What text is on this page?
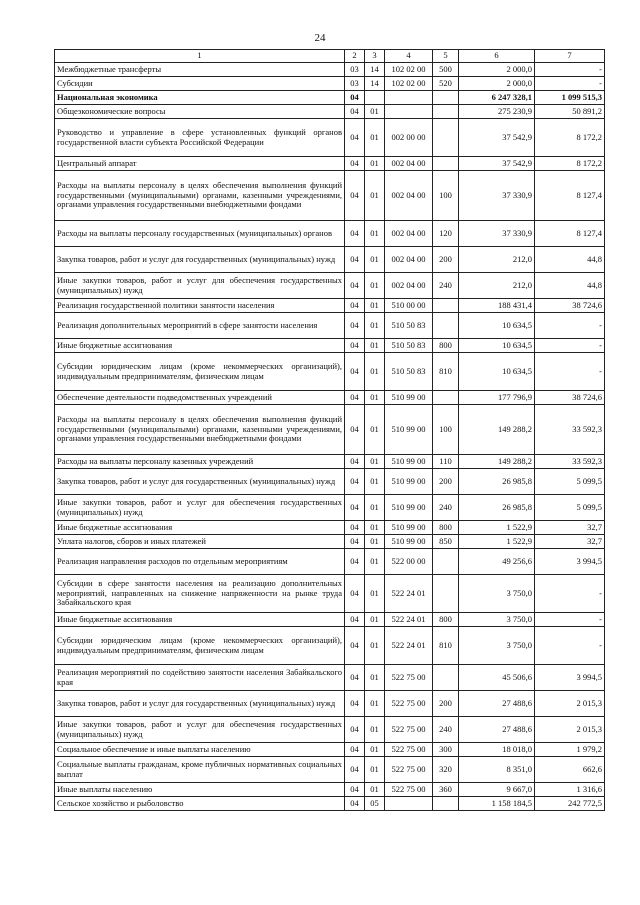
24
1	2	3	4	5	6	7
Межбюджетные трансферты	03	14	102 02 00	500	2 000,0	-
Субсидии	03	14	102 02 00	520	2 000,0	-
Национальная экономика	04				6 247 328,1	1 099 515,3
Общеэкономические вопросы	04	01			275 230,9	50 891,2
Руководство и управление в сфере установленных функций органов государственной власти субъекта Российской Федерации	04	01	002 00 00		37 542,9	8 172,2
Центральный аппарат	04	01	002 04 00		37 542,9	8 172,2
Расходы на выплаты персоналу в целях обеспечения выполнения функций государственными (муниципальными) органами, казенными учреждениями, органами управления государственными внебюджетными фондами	04	01	002 04 00	100	37 330,9	8 127,4
Расходы на выплаты персоналу государственных (муниципальных) органов	04	01	002 04 00	120	37 330,9	8 127,4
Закупка товаров, работ и услуг для государственных (муниципальных) нужд	04	01	002 04 00	200	212,0	44,8
Иные закупки товаров, работ и услуг для обеспечения государственных (муниципальных) нужд	04	01	002 04 00	240	212,0	44,8
Реализация государственной политики занятости населения	04	01	510 00 00		188 431,4	38 724,6
Реализация дополнительных мероприятий в сфере занятости населения	04	01	510 50 83		10 634,5	-
Иные бюджетные ассигнования	04	01	510 50 83	800	10 634,5	-
Субсидии юридическим лицам (кроме некоммерческих организаций), индивидуальным предпринимателям, физическим лицам	04	01	510 50 83	810	10 634,5	-
Обеспечение деятельности подведомственных учреждений	04	01	510 99 00		177 796,9	38 724,6
Расходы на выплаты персоналу в целях обеспечения выполнения функций государственными (муниципальными) органами, казенными учреждениями, органами управления государственными внебюджетными фондами	04	01	510 99 00	100	149 288,2	33 592,3
Расходы на выплаты персоналу казенных учреждений	04	01	510 99 00	110	149 288,2	33 592,3
Закупка товаров, работ и услуг для государственных (муниципальных) нужд	04	01	510 99 00	200	26 985,8	5 099,5
Иные закупки товаров, работ и услуг для обеспечения государственных (муниципальных) нужд	04	01	510 99 00	240	26 985,8	5 099,5
Иные бюджетные ассигнования	04	01	510 99 00	800	1 522,9	32,7
Уплата налогов, сборов и иных платежей	04	01	510 99 00	850	1 522,9	32,7
Реализация направления расходов по отдельным мероприятиям	04	01	522 00 00		49 256,6	3 994,5
Субсидии в сфере занятости населения на реализацию дополнительных мероприятий, направленных на снижение напряженности на рынке труда Забайкальского края	04	01	522 24 01		3 750,0	-
Иные бюджетные ассигнования	04	01	522 24 01	800	3 750,0	-
Субсидии юридическим лицам (кроме некоммерческих организаций), индивидуальным предпринимателям, физическим лицам	04	01	522 24 01	810	3 750,0	-
Реализация мероприятий по содействию занятости населения Забайкальского края	04	01	522 75 00		45 506,6	3 994,5
Закупка товаров, работ и услуг для государственных (муниципальных) нужд	04	01	522 75 00	200	27 488,6	2 015,3
Иные закупки товаров, работ и услуг для обеспечения государственных (муниципальных) нужд	04	01	522 75 00	240	27 488,6	2 015,3
Социальное обеспечение и иные выплаты населению	04	01	522 75 00	300	18 018,0	1 979,2
Социальные выплаты гражданам, кроме публичных нормативных социальных выплат	04	01	522 75 00	320	8 351,0	662,6
Иные выплаты населению	04	01	522 75 00	360	9 667,0	1 316,6
Сельское хозяйство и рыболовство	04	05			1 158 184,5	242 772,5
